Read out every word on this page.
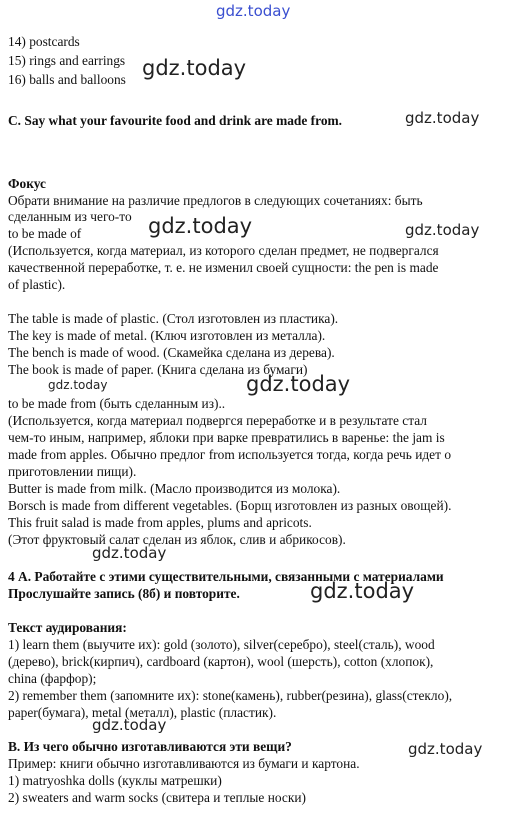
gdz.today
gdz.today
gdz.today
gdz.today	gdz.today
gdz.today	gdz.today
gdz.today
gdz.today
gdz.today
gdz.today
14) postcards
15) rings and earrings
16) balls and balloons
C. Say what your favourite food and drink are made from.
Фокус
Обрати внимание на различие предлогов в следующих сочетаниях: быть
сделанным из чего-то
to be made of
(Используется, когда материал, из которого сделан предмет, не подвергался
качественной переработке, т. е. не изменил своей сущности: the pen is made
of plastic).
The table is made of plastic. (Стол изготовлен из пластика).
The key is made of metal. (Ключ изготовлен из металла).
The bench is made of wood. (Скамейка сделана из дерева).
The book is made of paper. (Книга сделана из бумаги)
to be made from (быть сделанным из)..
(Используется, когда материал подвергся переработке и в результате стал
чем-то иным, например, яблоки при варке превратились в варенье: the jam is
made from apples. Обычно предлог from используется тогда, когда речь идет о
приготовлении пищи).
Butter is made from milk. (Масло производится из молока).
Borsch is made from different vegetables. (Борщ изготовлен из разных овощей).
This fruit salad is made from apples, plums and apricots.
(Этот фруктовый салат сделан из яблок, слив и абрикосов).
4 А. Работайте с этими существительными, связанными с материалами
Прослушайте запись (8б) и повторите.
Текст аудирования:
1) learn them (выучите их): gold (золото), silver(серебро), steel(сталь), wood
(дерево), brick(кирпич), cardboard (картон), wool (шерсть), cotton (хлопок),
china (фарфор);
2) remember them (запомните их): stone(камень), rubber(резина), glass(стекло),
paper(бумага), metal (металл), plastic (пластик).
В. Из чего обычно изготавливаются эти вещи?
Пример: книги обычно изготавливаются из бумаги и картона.
1) matryoshka dolls (куклы матрешки)
2) sweaters and warm socks (свитера и теплые носки)
